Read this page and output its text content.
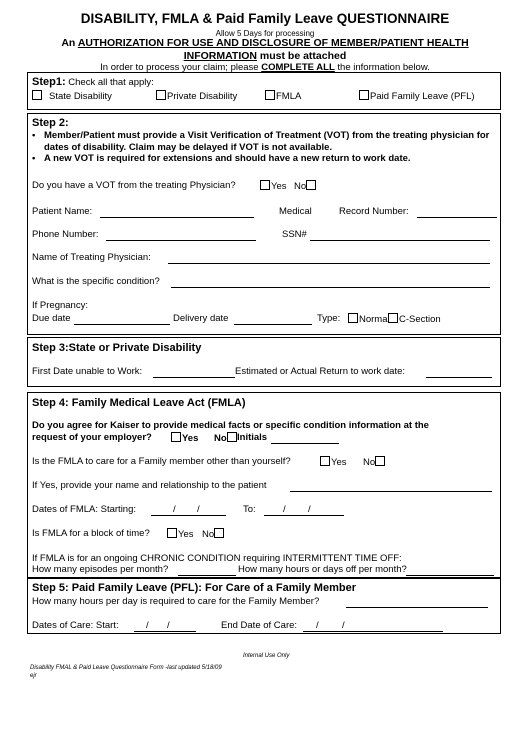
DISABILITY, FMLA & Paid Family Leave QUESTIONNAIRE
Allow 5 Days for processing
An AUTHORIZATION FOR USE AND DISCLOSURE OF MEMBER/PATIENT HEALTH
INFORMATION must be attached
In order to process your claim; please COMPLETE ALL the information below.
Step1: Check all that apply:
State Disability	Private Disability	FMLA	Paid Family Leave (PFL)
Step 2:
• Member/Patient must provide a Visit Verification of Treatment (VOT) from the treating physician for dates of disability. Claim may be delayed if VOT is not available.
• A new VOT is required for extensions and should have a new return to work date.
Do you have a VOT from the treating Physician?	Yes No
Patient Name:	Medical	Record Number:
Phone Number:	SSN#
Name of Treating Physician:
What is the specific condition?
If Pregnancy:
Due date	Delivery date	Type:	Normal C-Section
Step 3:State or Private Disability
First Date unable to Work:	Estimated or Actual Return to work date:
Step 4: Family Medical Leave Act (FMLA)
Do you agree for Kaiser to provide medical facts or specific condition information at the
request of your employer?	Yes No	Initials
Is the FMLA to care for a Family member other than yourself?	Yes No
If Yes, provide your name and relationship to the patient
Dates of FMLA: Starting:	/ /	To:	/ /
Is FMLA for a block of time?	Yes No
If FMLA is for an ongoing CHRONIC CONDITION requiring INTERMITTENT TIME OFF:
How many episodes per month?	How many hours or days off per month?
Step 5: Paid Family Leave (PFL): For Care of a Family Member
How many hours per day is required to care for the Family Member?
Dates of Care: Start:	/ /	End Date of Care: / /
Internal Use Only
Disability FMAL & Paid Leave Questionnaire Form -last updated 5/18/09
ejr
